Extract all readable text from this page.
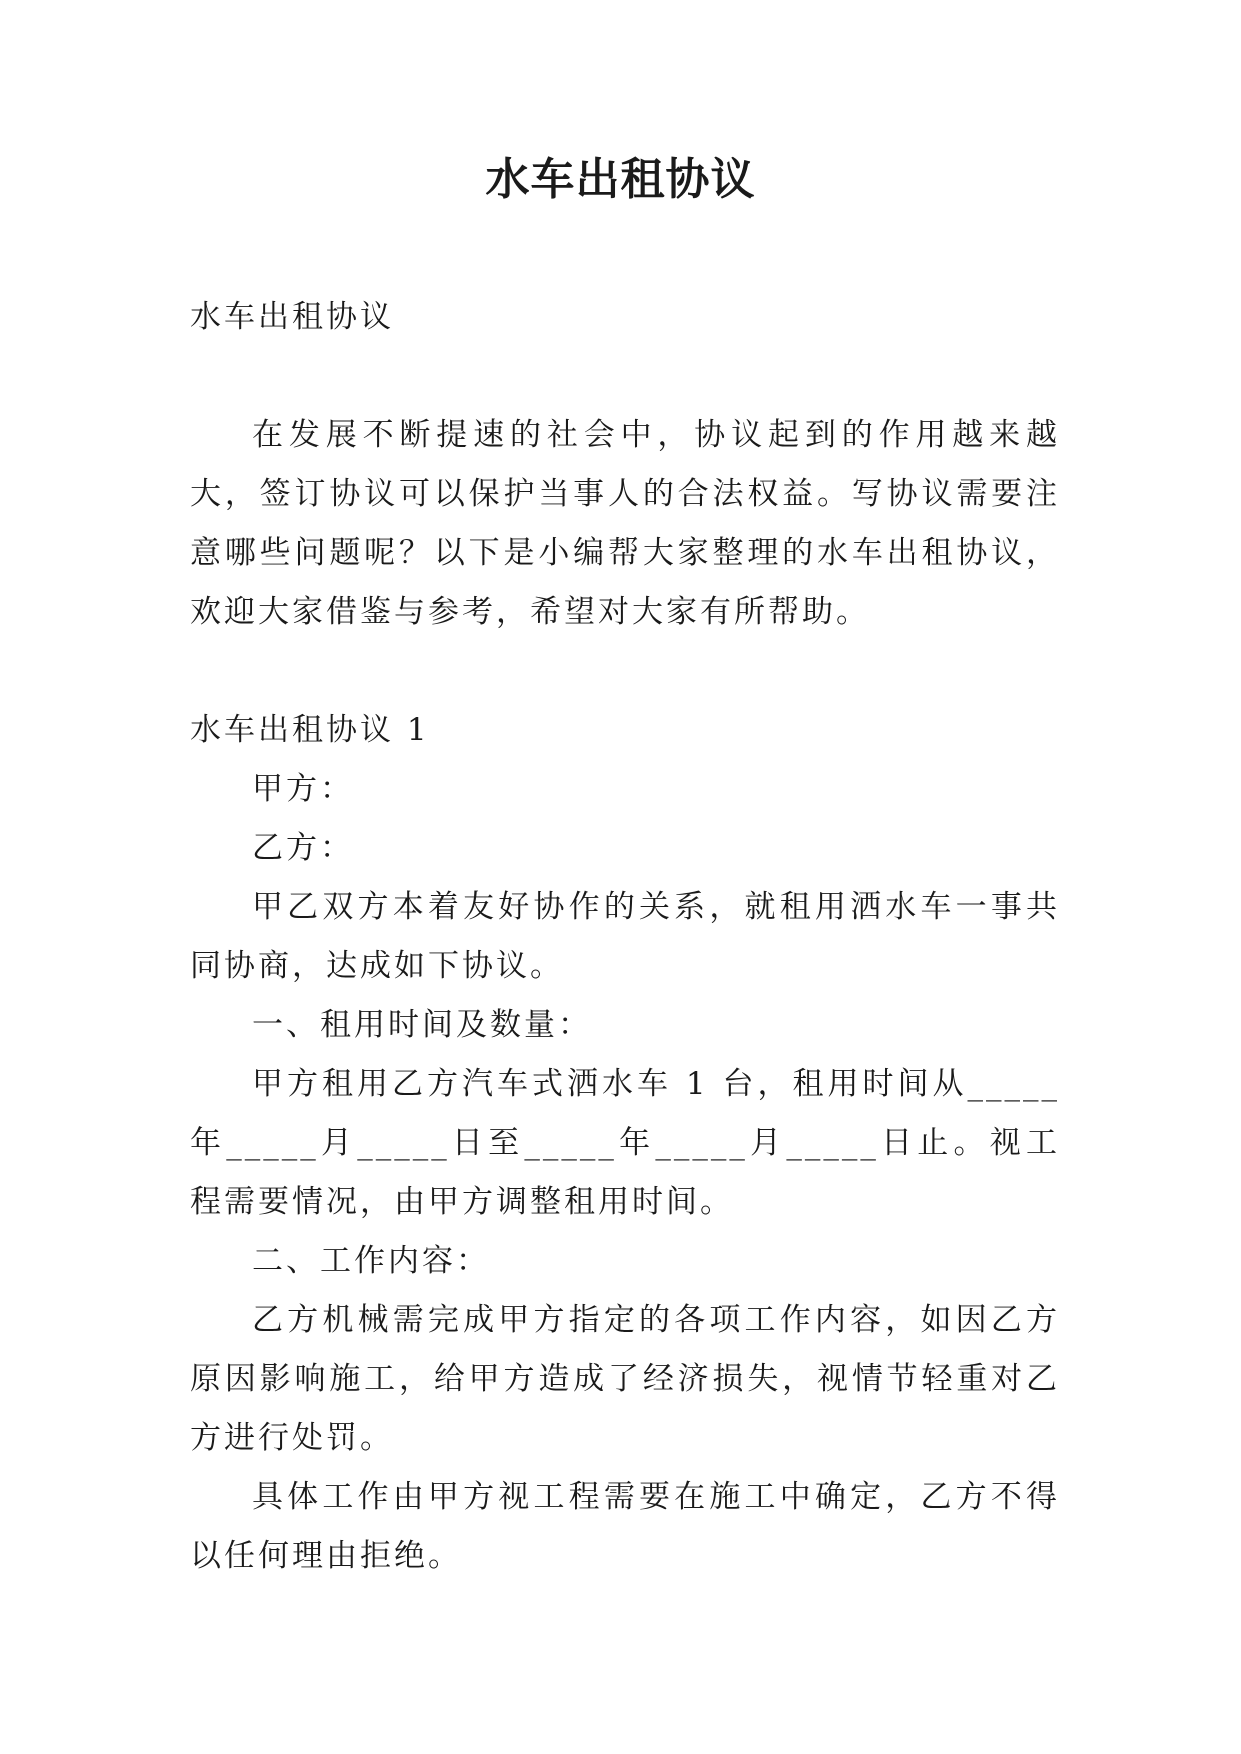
水车出租协议

水车出租协议

在发展不断提速的社会中，协议起到的作用越来越大，签订协议可以保护当事人的合法权益。写协议需要注意哪些问题呢？以下是小编帮大家整理的水车出租协议，欢迎大家借鉴与参考，希望对大家有所帮助。

水车出租协议 1

甲方：

乙方：

甲乙双方本着友好协作的关系，就租用洒水车一事共同协商，达成如下协议。

一、租用时间及数量：

甲方租用乙方汽车式洒水车 1 台，租用时间从_____年_____月_____日至_____年_____月_____日止。视工程需要情况，由甲方调整租用时间。

二、工作内容：

乙方机械需完成甲方指定的各项工作内容，如因乙方原因影响施工，给甲方造成了经济损失，视情节轻重对乙方进行处罚。

具体工作由甲方视工程需要在施工中确定，乙方不得以任何理由拒绝。
